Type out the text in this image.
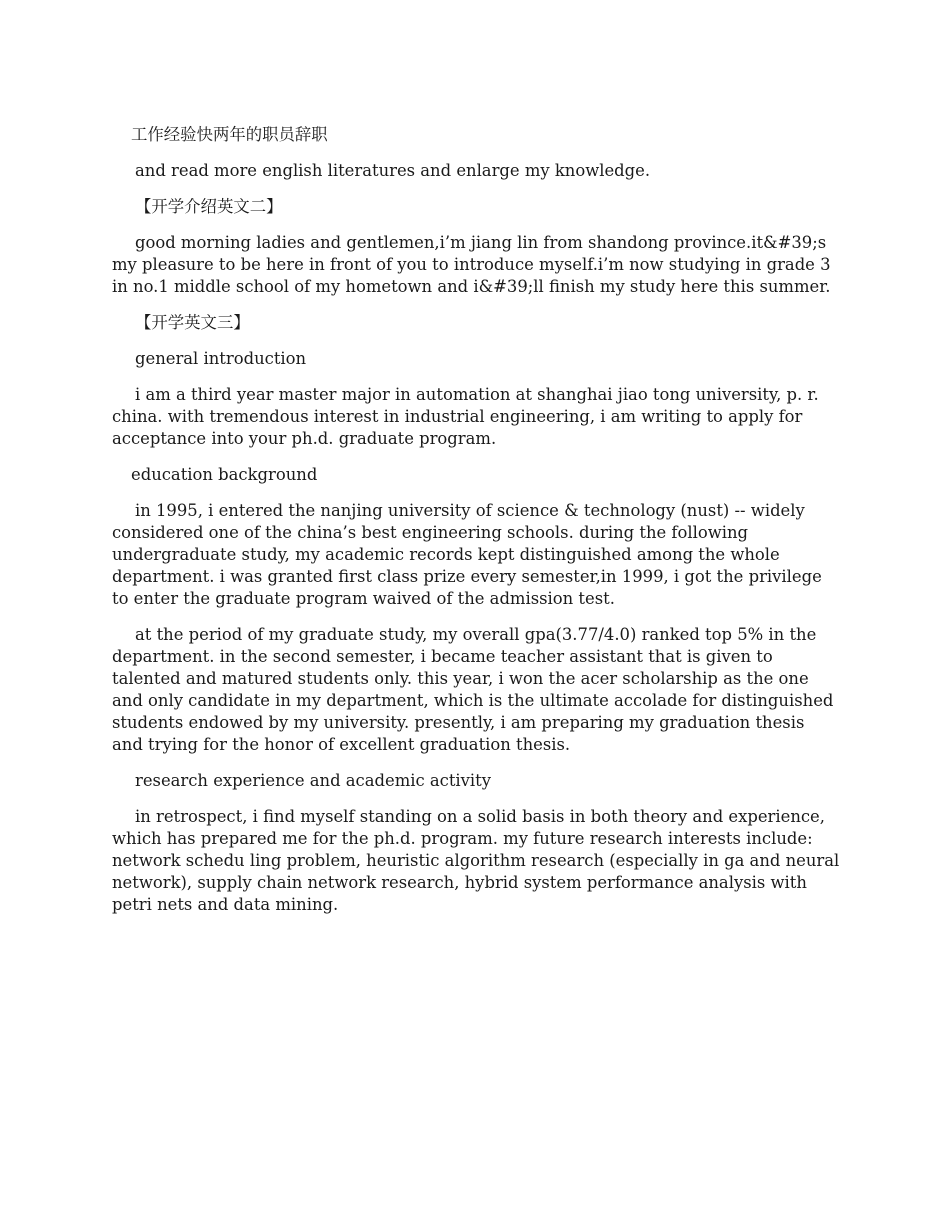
工作经验快两年的职员辞职

and read more english literatures and enlarge my knowledge.

【开学介绍英文二】

good morning ladies and gentlemen,i’m jiang lin from shandong province.it&#39;s my pleasure to be here in front of you to introduce myself.i’m now studying in grade 3 in no.1 middle school of my hometown and i&#39;ll finish my study here this summer.

【开学英文三】

general introduction

i am a third year master major in automation at shanghai jiao tong university, p. r. china. with tremendous interest in industrial engineering, i am writing to apply for acceptance into your ph.d. graduate program.

education background

in 1995, i entered the nanjing university of science & technology (nust) -- widely considered one of the china’s best engineering schools. during the following undergraduate study, my academic records kept distinguished among the whole department. i was granted first class prize every semester,in 1999, i got the privilege to enter the graduate program waived of the admission test.

at the period of my graduate study, my overall gpa(3.77/4.0) ranked top 5% in the department. in the second semester, i became teacher assistant that is given to talented and matured students only. this year, i won the acer scholarship as the one and only candidate in my department, which is the ultimate accolade for distinguished students endowed by my university. presently, i am preparing my graduation thesis and trying for the honor of excellent graduation thesis.

research experience and academic activity

in retrospect, i find myself standing on a solid basis in both theory and experience, which has prepared me for the ph.d. program. my future research interests include: network schedu ling problem, heuristic algorithm research (especially in ga and neural network), supply chain network research, hybrid system performance analysis with petri nets and data mining.
